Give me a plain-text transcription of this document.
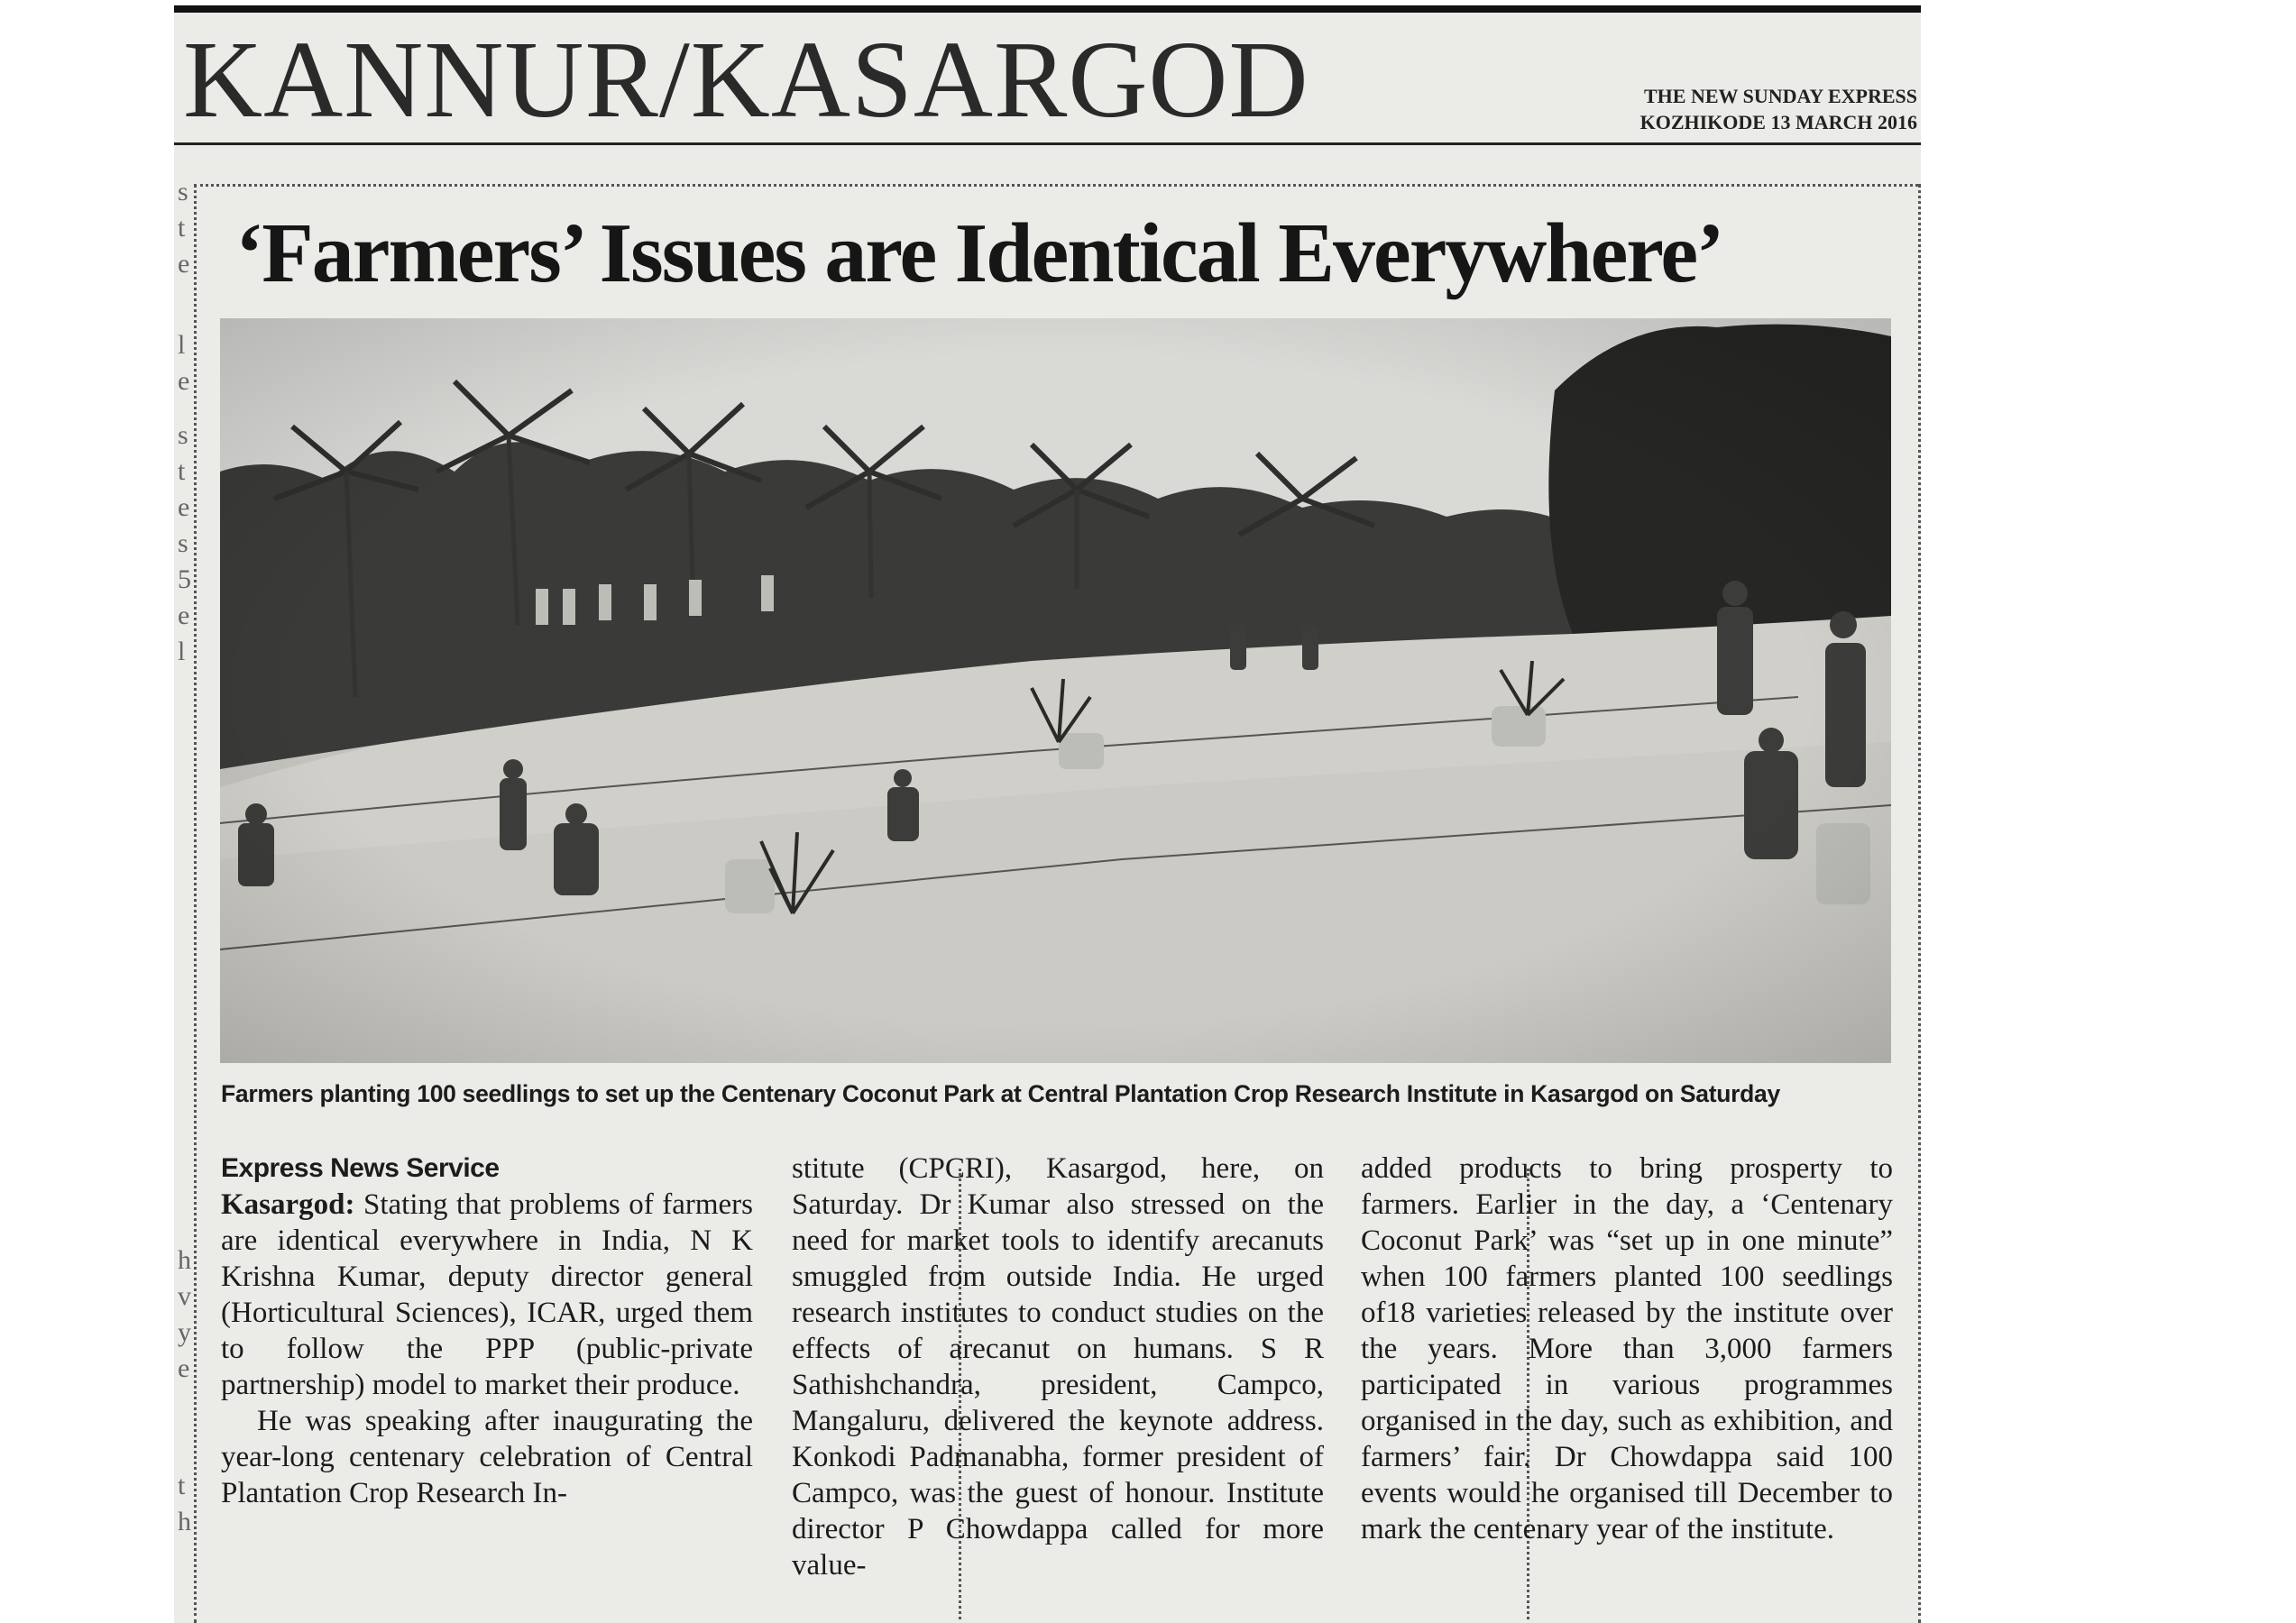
KANNUR/KASARGOD	THE NEW SUNDAY EXPRESS
KOZHIKODE 13 MARCH 2016
s
t
e
l
e
s
t
e
s
5
e
l
h
v
y
e
t
h
‘Farmers’ Issues are Identical Everywhere’

Farmers planting 100 seedlings to set up the Centenary Coconut Park at Central Plantation Crop Research Institute in Kasargod on Saturday

Express News Service

Kasargod: Stating that problems of farmers are identical everywhere in India, N K Krishna Kumar, deputy director general (Horticultural Sciences), ICAR, urged them to follow the PPP (public-private partnership) model to market their produce.

He was speaking after inaugurating the year-long centenary celebration of Central Plantation Crop Research In-

stitute (CPCRI), Kasargod, here, on Saturday. Dr Kumar also stressed on the need for market tools to identify arecanuts smuggled from outside India. He urged research institutes to conduct studies on the effects of arecanut on humans. S R Sathishchandra, president, Campco, Mangaluru, delivered the keynote address. Konkodi Padmanabha, former president of Campco, was the guest of honour. Institute director P Chowdappa called for more value-

added products to bring prosperty to farmers. Earlier in the day, a ‘Centenary Coconut Park’ was “set up in one minute” when 100 farmers planted 100 seedlings of18 varieties released by the institute over the years. More than 3,000 farmers participated in various programmes organised in the day, such as exhibition, and farmers’ fair. Dr Chowdappa said 100 events would he organised till December to mark the centenary year of the institute.
